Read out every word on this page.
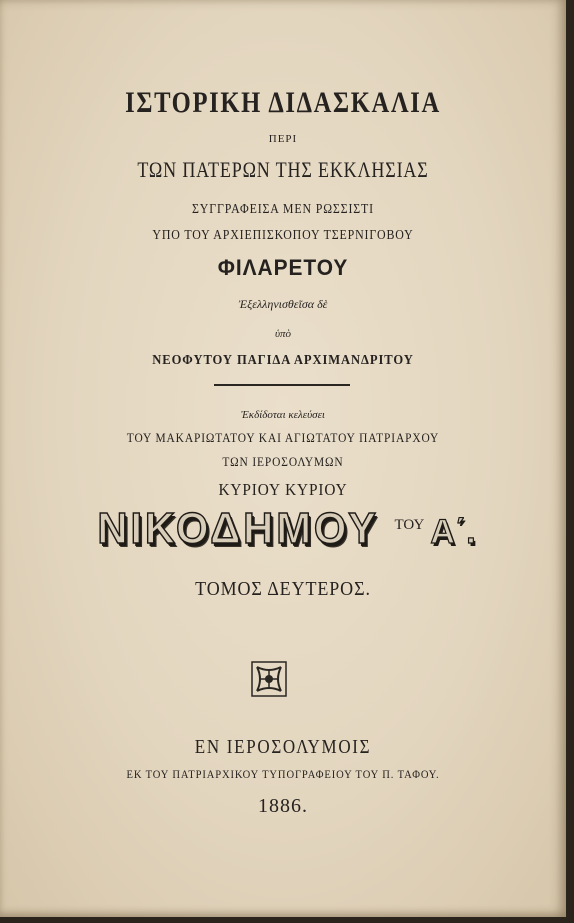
ΙΣΤΟΡΙΚΗ ΔΙΔΑΣΚΑΛΙΑ
ΠΕΡΙ
ΤΩΝ ΠΑΤΕΡΩΝ ΤΗΣ ΕΚΚΛΗΣΙΑΣ
ΣΥΓΓΡΑΦΕΙΣΑ ΜΕΝ ΡΩΣΣΙΣΤΙ
ΥΠΟ ΤΟΥ ΑΡΧΙΕΠΙΣΚΟΠΟΥ ΤΣΕΡΝΙΓΟΒΟΥ
ΦΙΛΑΡΕΤΟΥ
Ἐξελληνισθεῖσα δὲ
ὑπὸ
ΝΕΟΦΥΤΟΥ ΠΑΓΙΔΑ ΑΡΧΙΜΑΝΔΡΙΤΟΥ
Ἐκδίδοται κελεύσει
ΤΟΥ ΜΑΚΑΡΙΩΤΑΤΟΥ ΚΑΙ ΑΓΙΩΤΑΤΟΥ ΠΑΤΡΙΑΡΧΟΥ
ΤΩΝ ΙΕΡΟΣΟΛΥΜΩΝ
ΚΥΡΙΟΥ ΚΥΡΙΟΥ
ΝΙΚΟΔΗΜΟΥ ΤΟΥ Α΄.
ΤΟΜΟΣ ΔΕΥΤΕΡΟΣ.
ΕΝ ΙΕΡΟΣΟΛΥΜΟΙΣ
ΕΚ ΤΟΥ ΠΑΤΡΙΑΡΧΙΚΟΥ ΤΥΠΟΓΡΑΦΕΙΟΥ ΤΟΥ Π. ΤΑΦΟΥ.
1886.
